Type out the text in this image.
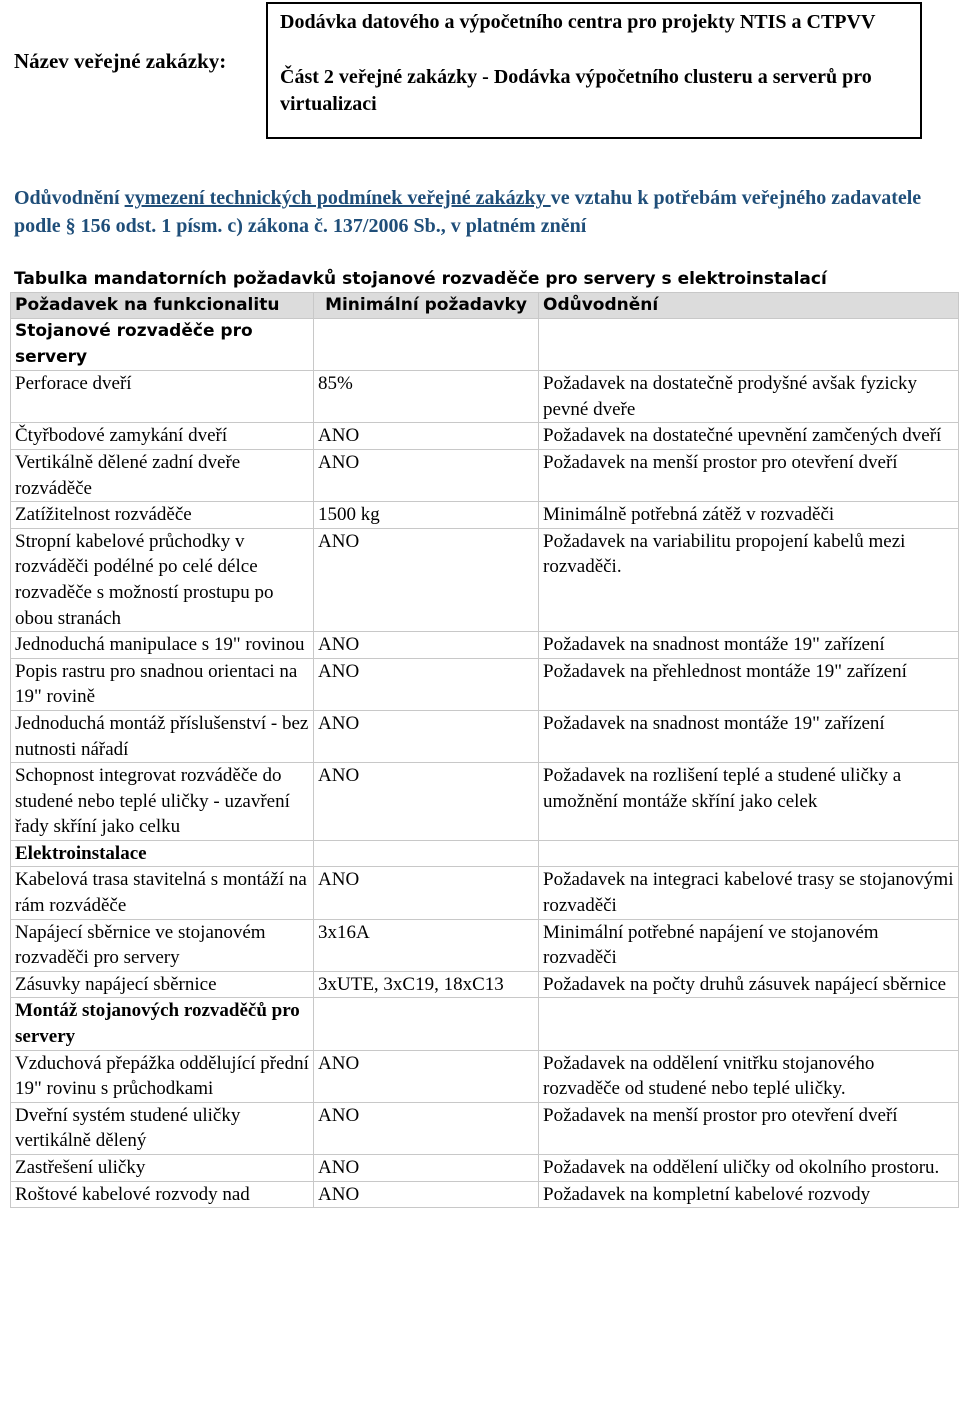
Název veřejné zakázky:

Dodávka datového a výpočetního centra pro projekty NTIS a CTPVV

Část 2 veřejné zakázky - Dodávka výpočetního clusteru a serverů pro virtualizaci

Odůvodnění vymezení technických podmínek veřejné zakázky ve vztahu k potřebám veřejného zadavatele podle § 156 odst. 1 písm. c) zákona č. 137/2006 Sb., v platném znění
Tabulka mandatorních požadavků stojanové rozvaděče pro servery s elektroinstalací
Požadavek na funkcionalitu	Minimální požadavky	Odůvodnění
Stojanové rozvaděče pro servery		
Perforace dveří	85%	Požadavek na dostatečně prodyšné avšak fyzicky pevné dveře
Čtyřbodové zamykání dveří	ANO	Požadavek na dostatečné upevnění zamčených dveří
Vertikálně dělené zadní dveře rozváděče	ANO	Požadavek na menší prostor pro otevření dveří
Zatížitelnost rozváděče	1500 kg	Minimálně potřebná zátěž v rozvaděči
Stropní kabelové průchodky v rozváděči podélné po celé délce rozvaděče s možností prostupu po obou stranách	ANO	Požadavek na variabilitu propojení kabelů mezi rozvaděči.
Jednoduchá manipulace s 19" rovinou	ANO	Požadavek na snadnost montáže 19" zařízení
Popis rastru pro snadnou orientaci na 19" rovině	ANO	Požadavek na přehlednost montáže 19" zařízení
Jednoduchá montáž příslušenství - bez nutnosti nářadí	ANO	Požadavek na snadnost montáže 19" zařízení
Schopnost integrovat rozváděče do studené nebo teplé uličky - uzavření řady skříní jako celku	ANO	Požadavek na rozlišení teplé a studené uličky a umožnění montáže skříní jako celek
Elektroinstalace		
Kabelová trasa stavitelná s montáží na rám rozváděče	ANO	Požadavek na integraci kabelové trasy se stojanovými rozvaděči
Napájecí sběrnice ve stojanovém rozvaděči pro servery	3x16A	Minimální potřebné napájení ve stojanovém rozvaděči
Zásuvky napájecí sběrnice	3xUTE, 3xC19, 18xC13	Požadavek na počty druhů zásuvek napájecí sběrnice
Montáž stojanových rozvaděčů pro servery		
Vzduchová přepážka oddělující přední 19" rovinu s průchodkami	ANO	Požadavek na oddělení vnitřku stojanového rozvaděče od studené nebo teplé uličky.
Dveřní systém studené uličky vertikálně dělený	ANO	Požadavek na menší prostor pro otevření dveří
Zastřešení uličky	ANO	Požadavek na oddělení uličky od okolního prostoru.
Roštové kabelové rozvody nad	ANO	Požadavek na kompletní kabelové rozvody
